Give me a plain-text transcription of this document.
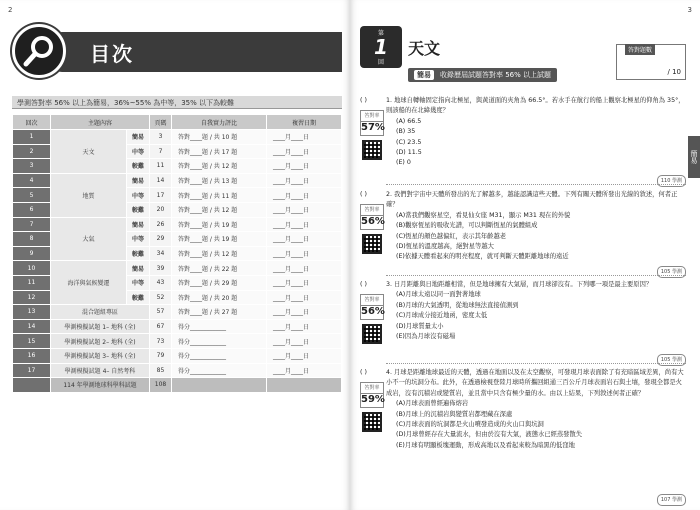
2
目次
學測答對率 56% 以上為簡易，36%~55% 為中等，35% 以下為較難
回次	主題內容		頁碼	自我實力評比	複習日期
1	天文	簡易	3	答對____題 / 共 10 題	____月____日
2		中等	7	答對____題 / 共 17 題	____月____日
3		較難	11	答對____題 / 共 12 題	____月____日
4	地質	簡易	14	答對____題 / 共 13 題	____月____日
5		中等	17	答對____題 / 共 11 題	____月____日
6		較難	20	答對____題 / 共 12 題	____月____日
7	大氣	簡易	26	答對____題 / 共 19 題	____月____日
8		中等	29	答對____題 / 共 19 題	____月____日
9		較難	34	答對____題 / 共 12 題	____月____日
10	海洋與氣候變遷	簡易	39	答對____題 / 共 22 題	____月____日
11		中等	43	答對____題 / 共 29 題	____月____日
12		較難	52	答對____題 / 共 20 題	____月____日
13	混合題組專區		57	答對____題 / 共 27 題	____月____日
14	學測模擬試題 1– 地科 (全)		67	得分____________	____月____日
15	學測模擬試題 2– 地科 (全)		73	得分____________	____月____日
16	學測模擬試題 3– 地科 (全)		79	得分____________	____月____日
17	學測模擬試題 4– 自然考科		85	得分____________	____月____日
	114 年學測地球科學科試題		108		
3
第
1
回
天文
簡易	收錄歷屆試題答對率 56% 以上試題
答對題數
/ 10
簡易
( )	1. 地球自轉軸固定指向北極星，與黃道面的夾角為 66.5°。若水手在航行的船上觀察北極星的仰角為 35°，則該船的在北緯幾度？
答對率
57%
(A) 66.5
(B) 35
(C) 23.5
(D) 11.5
(E) 0
110 學測
( )	2. 我們對宇宙中天體所發出的光了解越多，越能認識這些天體。下列有關天體所發出光線的敘述，何者正確？
答對率
56%
(A)當我們觀察星空，看見仙女座 M31，顯示 M31 現在的外貌
(B)觀察恆星的吸收光譜，可以判斷恆星的氣體組成
(C)恆星的顏色越偏紅，表示其年齡越老
(D)恆星的溫度越高，絕對星等越大
(E)依據天體看起來的明亮程度，就可判斷天體距離地球的遠近
105 學測
( )	3. 日月距離與日地距離相當，但是地球擁有大氣層，而月球卻沒有。下列哪一項是最主要原因？
答對率
56%
(A)月球太遠以同一面對著地球
(B)月球的大氣透明，從地球無法直接偵測到
(C)月球成分接近地函，密度太低
(D)月球質量太小
(E)因為月球沒有磁場
105 學測
( )	4. 月球是距離地球最近的天體，透過在地面以及在太空觀察，可發現月球表面除了有充暗區域差異，尚有大小不一的坑洞分布。此外，在透過檢視登陸月球時所攜回組通三百公斤月球表面岩石與土壤，發現全都是火成岩，沒有沉積岩或變質岩，並且當中只含有極少量的水。由以上結果，下列敘述何者正確？
答對率
59% (A)月球表面曾經遍佈熔岩
(B)月球上的沉積岩與變質岩都埋藏在深處
(C)月球表面的坑洞都是火山噴發造成的火山口與坑洞
(D)月球曾經存在大量流水，但由於沒有大氣，液態水已經蒸發散失
(E)月球有明顯板塊運動，形成高地以及看起來較為暗黑的低窪地
107 學測
